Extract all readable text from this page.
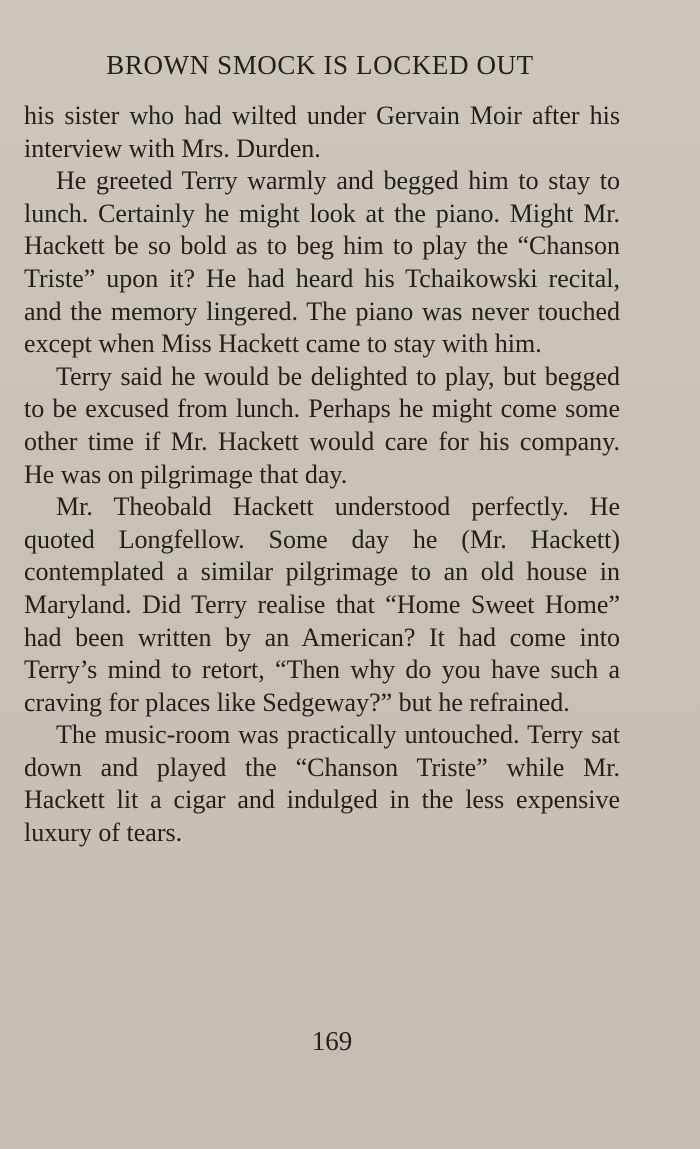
BROWN SMOCK IS LOCKED OUT

his sister who had wilted under Gervain Moir after his interview with Mrs. Durden.

He greeted Terry warmly and begged him to stay to lunch. Certainly he might look at the piano. Might Mr. Hackett be so bold as to beg him to play the “Chanson Triste” upon it? He had heard his Tchaikowski recital, and the memory lingered. The piano was never touched except when Miss Hackett came to stay with him.

Terry said he would be delighted to play, but begged to be excused from lunch. Perhaps he might come some other time if Mr. Hackett would care for his company. He was on pilgrimage that day.

Mr. Theobald Hackett understood perfectly. He quoted Longfellow. Some day he (Mr. Hackett) contemplated a similar pilgrimage to an old house in Maryland. Did Terry realise that “Home Sweet Home” had been written by an American? It had come into Terry’s mind to retort, “Then why do you have such a craving for places like Sedgeway?” but he refrained.

The music-room was practically untouched. Terry sat down and played the “Chanson Triste” while Mr. Hackett lit a cigar and indulged in the less expensive luxury of tears.

169
